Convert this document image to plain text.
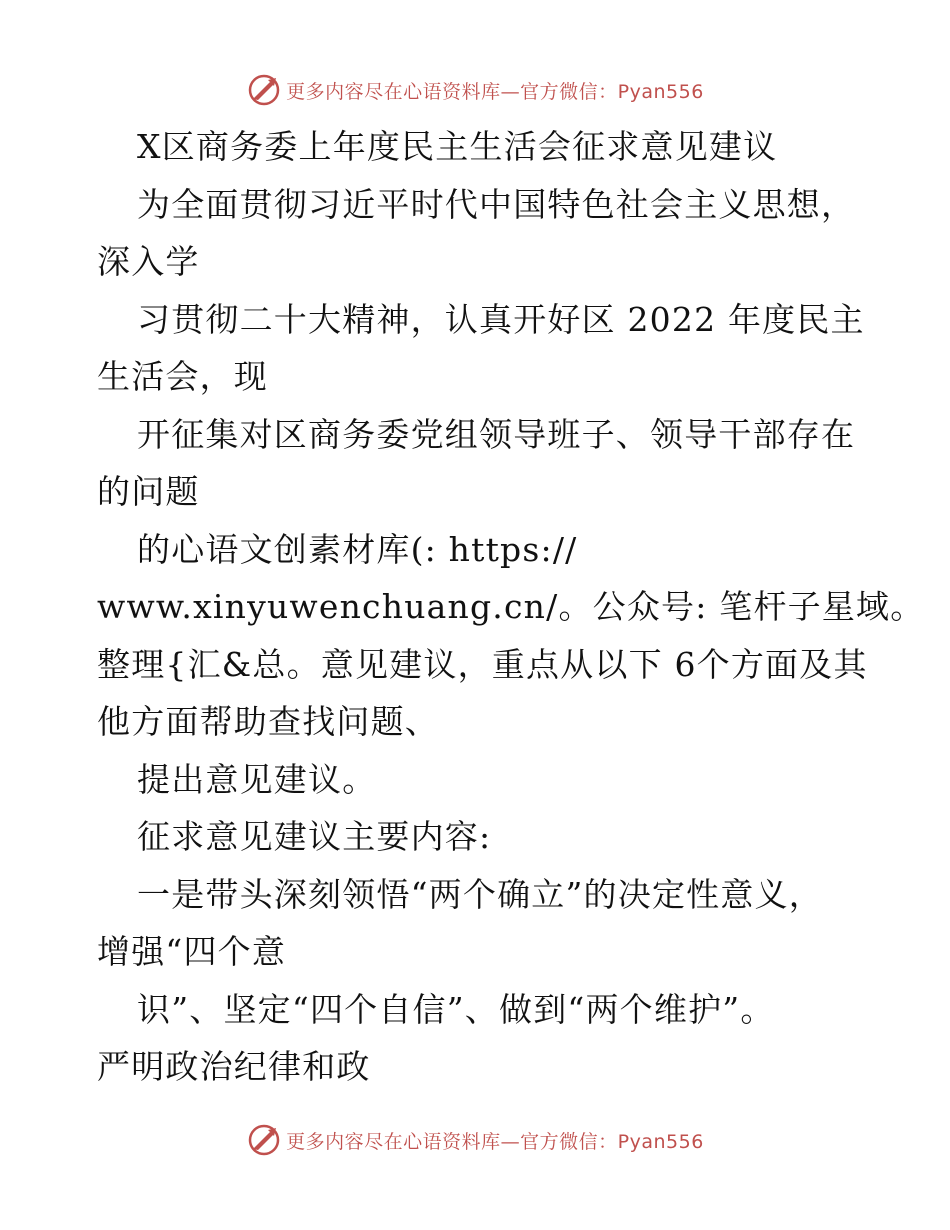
更多内容尽在心语资料库—官方微信：Pyan556
X区商务委上年度民主生活会征求意见建议
为全面贯彻习近平时代中国特色社会主义思想，
深入学
习贯彻二十大精神，认真开好区 2022 年度民主
生活会，现
开征集对区商务委党组领导班子、领导干部存在
的问题
的心语文创素材库(: https://
www.xinyuwenchuang.cn/。公众号: 笔杆子星域。
整理{汇&总。意见建议，重点从以下 6个方面及其
他方面帮助查找问题、
提出意见建议。
征求意见建议主要内容:
一是带头深刻领悟“两个确立”的决定性意义，
增强“四个意
识”、坚定“四个自信”、做到“两个维护”。
严明政治纪律和政
更多内容尽在心语资料库—官方微信：Pyan556
